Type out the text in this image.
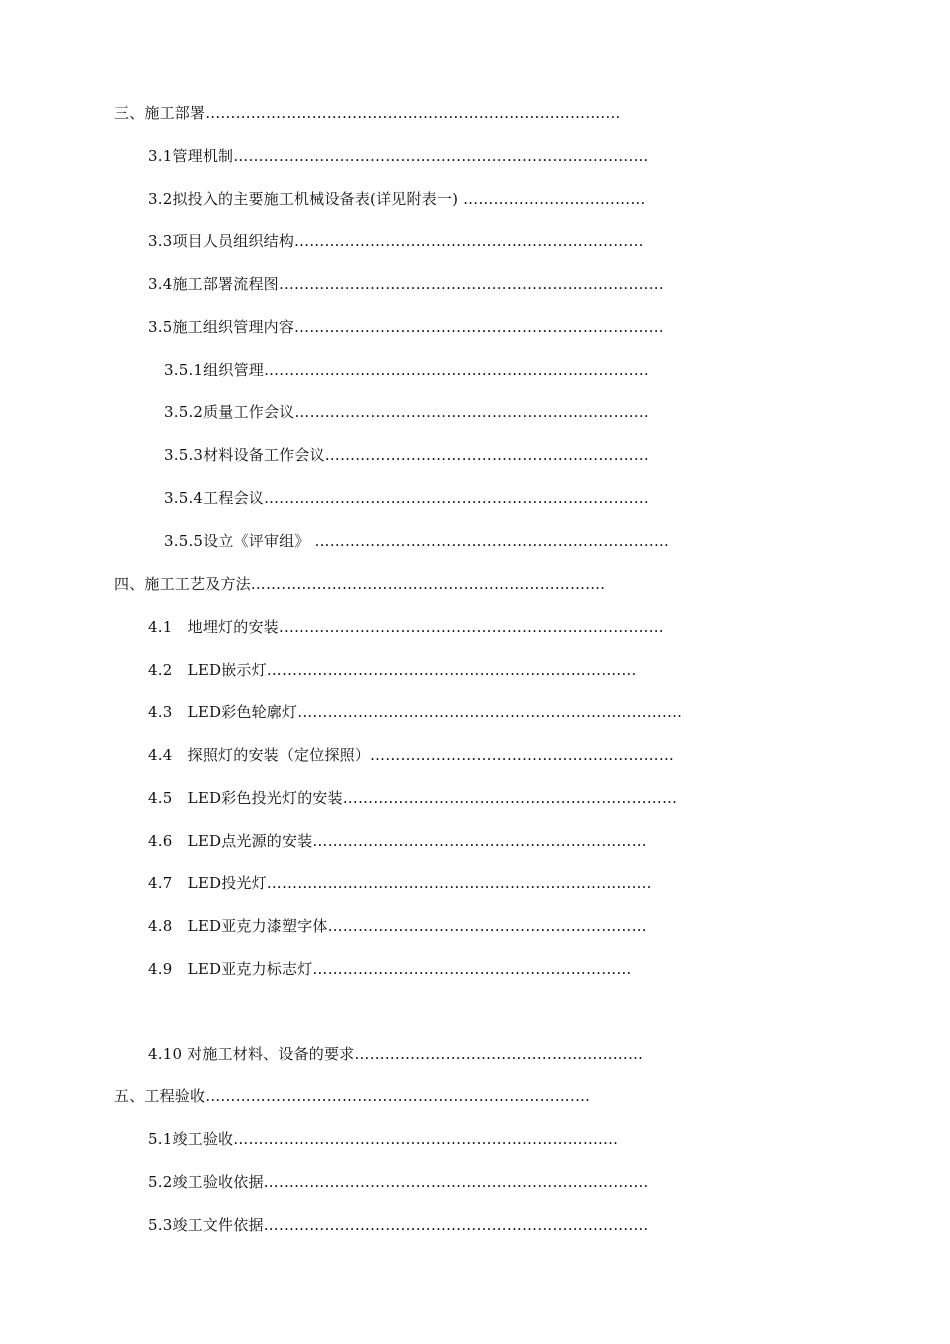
三、施工部署…………………………………………………………………….…
3.1管理机制…………………………………………………………………….…
3.2拟投入的主要施工机械设备表(详见附表一) ………………………………
3.3项目人员组织结构……………………………………………………………
3.4施工部署流程图……………………………………………………………….…
3.5施工组织管理内容…………………………………………………………….…
3.5.1组织管理……………………………………………………………….…
3.5.2质量工作会议………………………………………………………….…
3.5.3材料设备工作会议…………………………………………………….…
3.5.4工程会议……………………………………………………………….…
3.5.5设立《评审组》 ………………………………………………………….…
四、施工工艺及方法………………………………………………………….…
4.1　地埋灯的安装……………………………………………………………….…
4.2　LED嵌示灯…………………………………………………………….…
4.3　LED彩色轮廓灯……………………………………………………………….…
4.4　探照灯的安装（定位探照）……………………………………………………
4.5　LED彩色投光灯的安装…………………………………………………………
4.6　LED点光源的安装…………………………………………………………
4.7　LED投光灯……………………………………………………………….…
4.8　LED亚克力漆塑字体………………………………………………………
4.9　LED亚克力标志灯………………………………………………………
4.10 对施工材料、设备的要求…………………………………………………
五、工程验收……………………………………………………………….…
5.1竣工验收……………………………………………………………….…
5.2竣工验收依据……………………………………………………………….…
5.3竣工文件依据……………………………………………………………….…
